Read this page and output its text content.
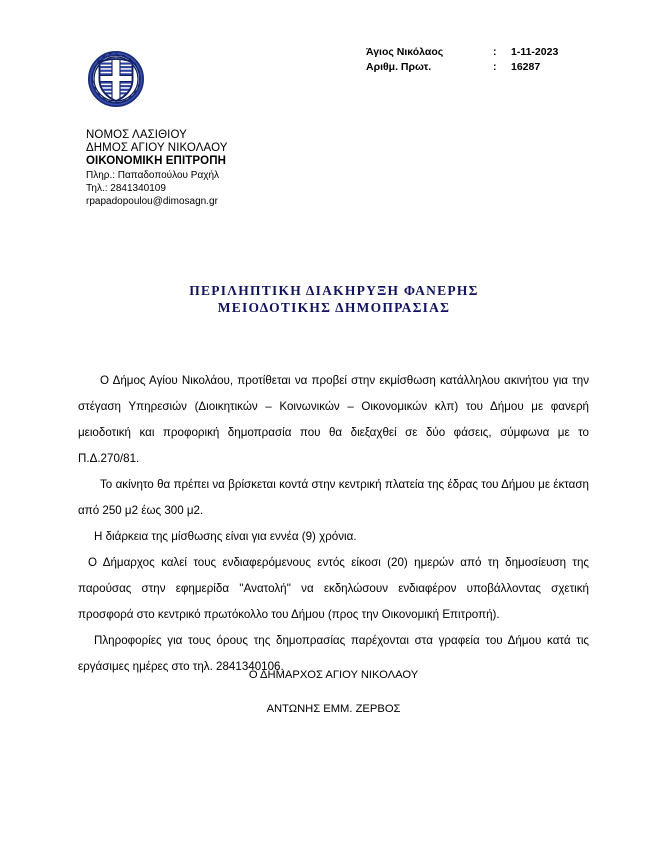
Άγιος Νικόλαος	:	1-11-2023
Αριθμ. Πρωτ.	:	16287
ΝΟΜΟΣ ΛΑΣΙΘΙΟΥ
ΔΗΜΟΣ ΑΓΙΟΥ ΝΙΚΟΛΑΟΥ
ΟΙΚΟΝΟΜΙΚΗ ΕΠΙΤΡΟΠΗ
Πληρ.: Παπαδοπούλου Ραχήλ
Τηλ.: 2841340109
rpapadopoulou@dimosagn.gr
ΠΕΡΙΛΗΠΤΙΚΗ ΔΙΑΚΗΡΥΞΗ ΦΑΝΕΡΗΣ
ΜΕΙΟΔΟΤΙΚΗΣ ΔΗΜΟΠΡΑΣΙΑΣ

Ο Δήμος Αγίου Νικολάου, προτίθεται να προβεί στην εκμίσθωση κατάλληλου ακινήτου για την στέγαση Υπηρεσιών (Διοικητικών – Κοινωνικών – Οικονομικών κλπ) του Δήμου με φανερή μειοδοτική και προφορική δημοπρασία που θα διεξαχθεί σε δύο φάσεις, σύμφωνα με το Π.Δ.270/81.

Το ακίνητο θα πρέπει να βρίσκεται κοντά στην κεντρική πλατεία της έδρας του Δήμου με έκταση από 250 μ2 έως 300 μ2.

Η διάρκεια της μίσθωσης είναι για εννέα (9) χρόνια.

Ο Δήμαρχος καλεί τους ενδιαφερόμενους εντός είκοσι (20) ημερών από τη δημοσίευση της παρούσας στην εφημερίδα ''Ανατολή'' να εκδηλώσουν ενδιαφέρον υποβάλλοντας σχετική προσφορά στο κεντρικό πρωτόκολλο του Δήμου (προς την Οικονομική Επιτροπή).

Πληροφορίες για τους όρους της δημοπρασίας παρέχονται στα γραφεία του Δήμου κατά τις εργάσιμες ημέρες στο τηλ. 2841340106.

Ο ΔΗΜΑΡΧΟΣ ΑΓΙΟΥ ΝΙΚΟΛΑΟΥ
ΑΝΤΩΝΗΣ ΕΜΜ. ΖΕΡΒΟΣ
